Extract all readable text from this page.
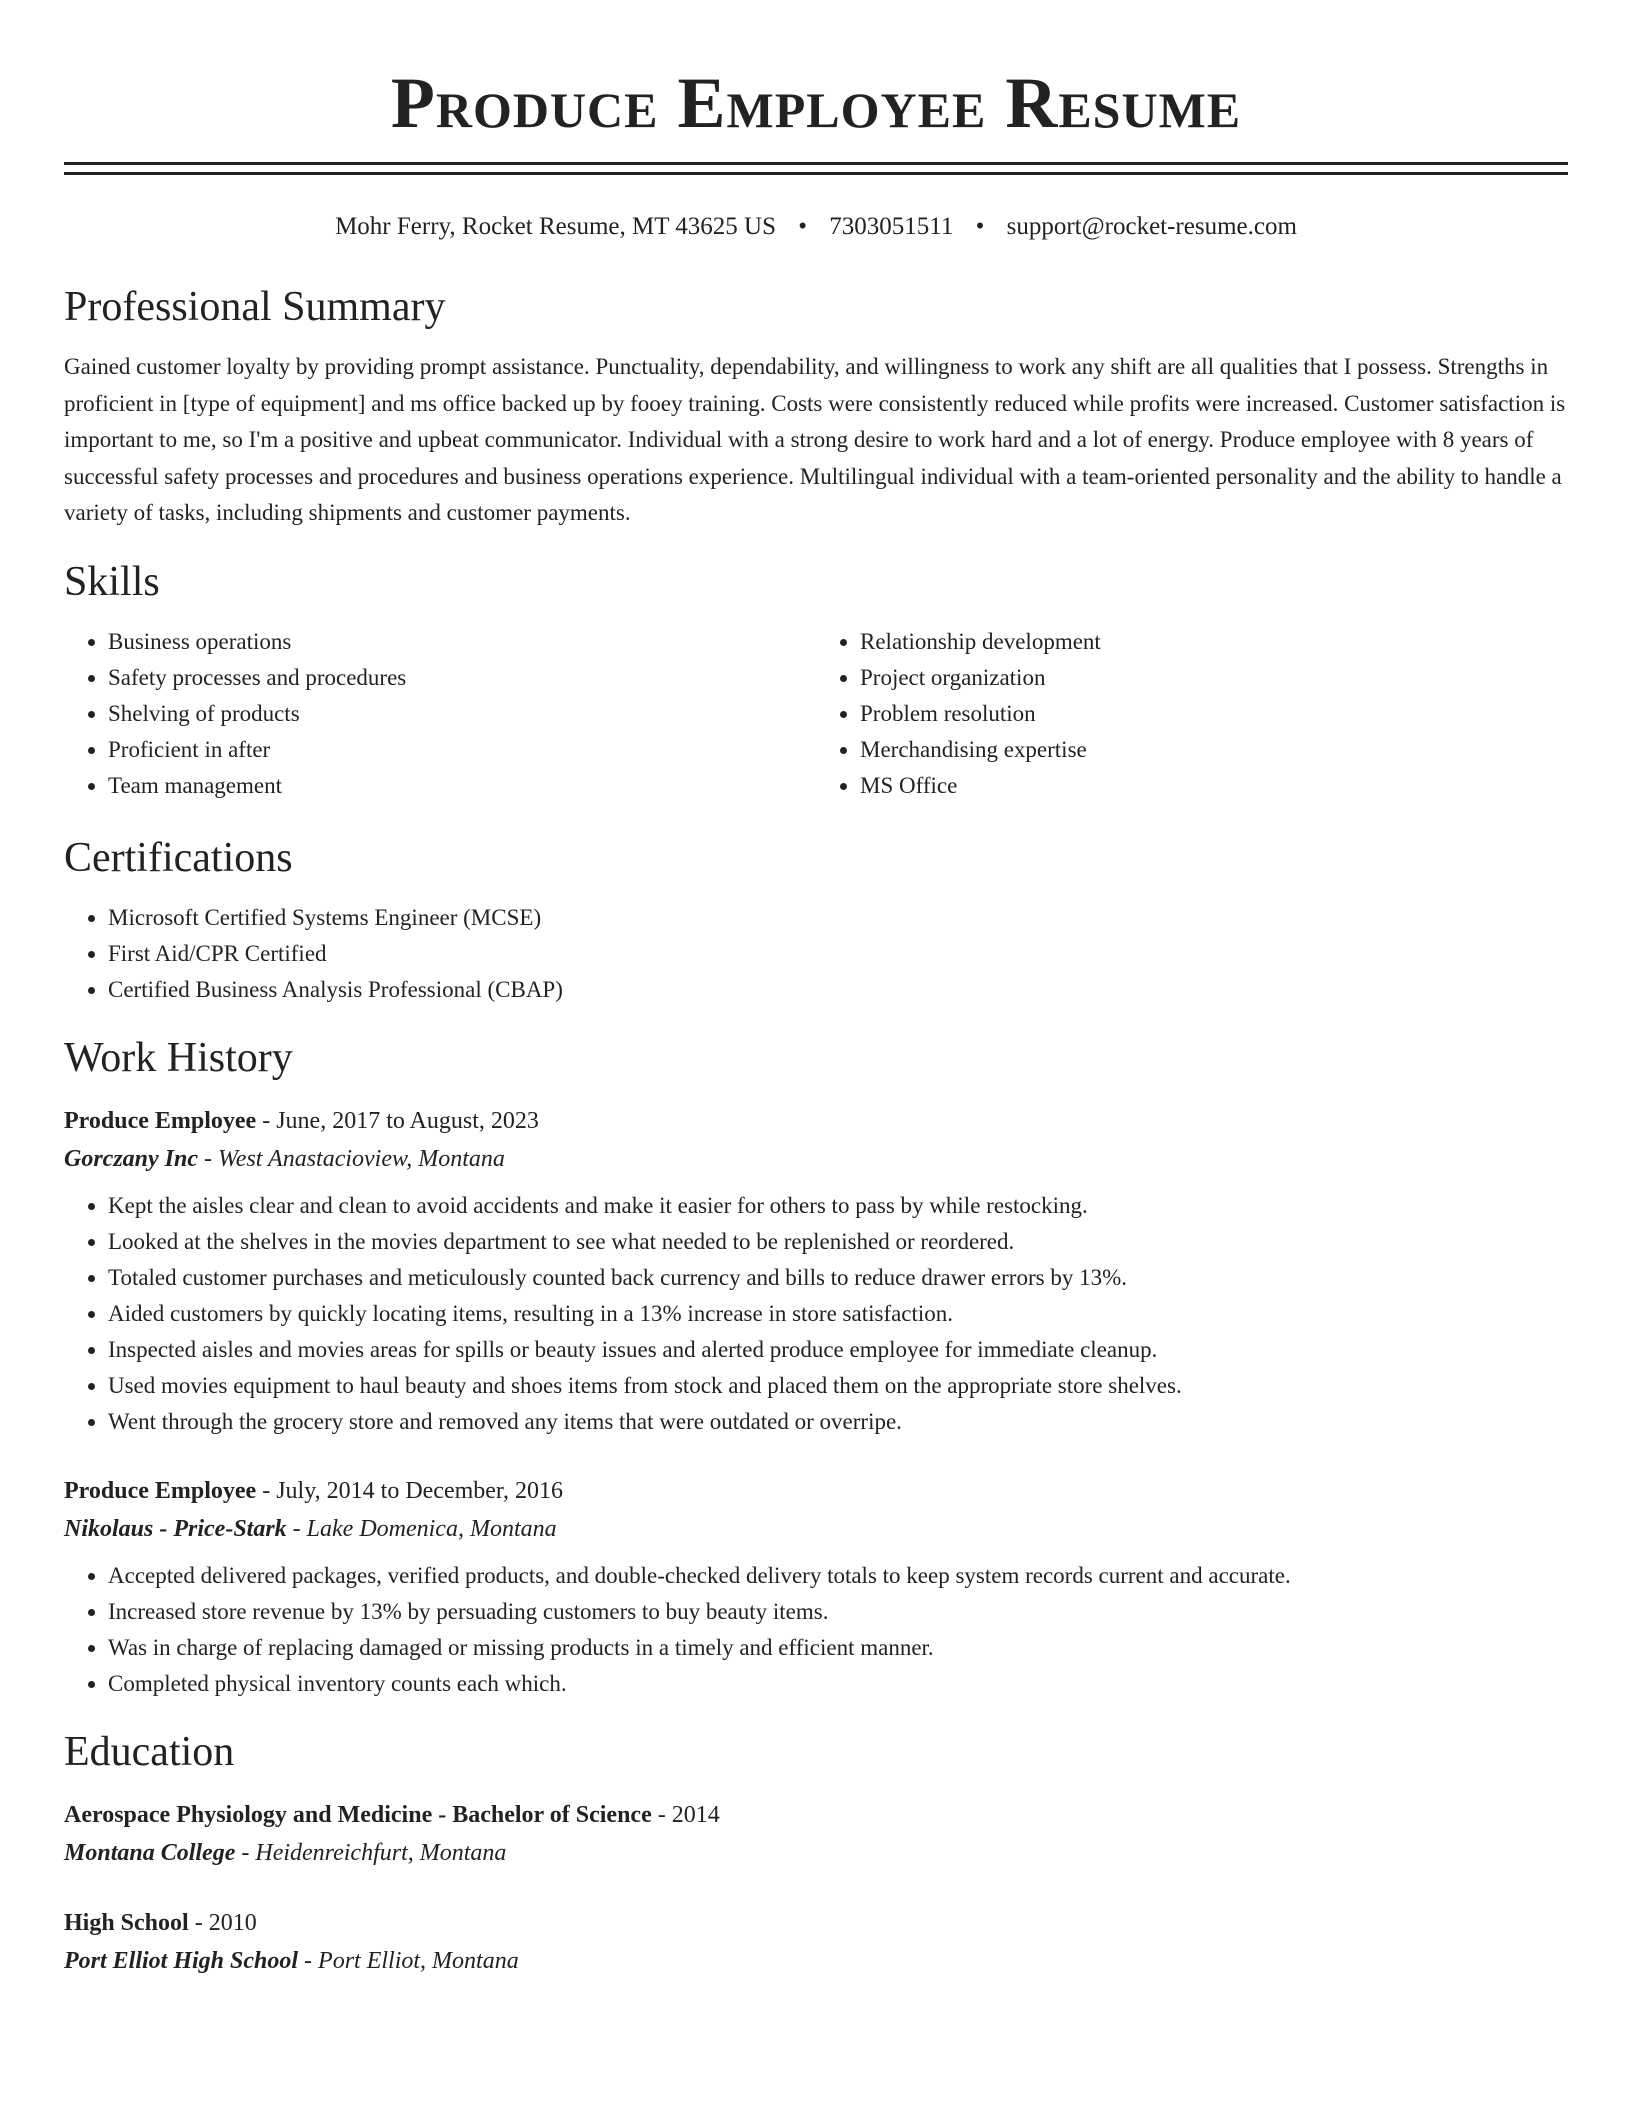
Produce Employee Resume
Mohr Ferry, Rocket Resume, MT 43625 US • 7303051511 • support@rocket-resume.com
Professional Summary
Gained customer loyalty by providing prompt assistance. Punctuality, dependability, and willingness to work any shift are all qualities that I possess. Strengths in proficient in [type of equipment] and ms office backed up by fooey training. Costs were consistently reduced while profits were increased. Customer satisfaction is important to me, so I'm a positive and upbeat communicator. Individual with a strong desire to work hard and a lot of energy. Produce employee with 8 years of successful safety processes and procedures and business operations experience. Multilingual individual with a team-oriented personality and the ability to handle a variety of tasks, including shipments and customer payments.
Skills
• Business operations
• Safety processes and procedures
• Shelving of products
• Proficient in after
• Team management
• Relationship development
• Project organization
• Problem resolution
• Merchandising expertise
• MS Office
Certifications
• Microsoft Certified Systems Engineer (MCSE)
• First Aid/CPR Certified
• Certified Business Analysis Professional (CBAP)
Work History
Produce Employee - June, 2017 to August, 2023
Gorczany Inc - West Anastacioview, Montana
• Kept the aisles clear and clean to avoid accidents and make it easier for others to pass by while restocking.
• Looked at the shelves in the movies department to see what needed to be replenished or reordered.
• Totaled customer purchases and meticulously counted back currency and bills to reduce drawer errors by 13%.
• Aided customers by quickly locating items, resulting in a 13% increase in store satisfaction.
• Inspected aisles and movies areas for spills or beauty issues and alerted produce employee for immediate cleanup.
• Used movies equipment to haul beauty and shoes items from stock and placed them on the appropriate store shelves.
• Went through the grocery store and removed any items that were outdated or overripe.
Produce Employee - July, 2014 to December, 2016
Nikolaus - Price-Stark - Lake Domenica, Montana
• Accepted delivered packages, verified products, and double-checked delivery totals to keep system records current and accurate.
• Increased store revenue by 13% by persuading customers to buy beauty items.
• Was in charge of replacing damaged or missing products in a timely and efficient manner.
• Completed physical inventory counts each which.
Education
Aerospace Physiology and Medicine - Bachelor of Science - 2014
Montana College - Heidenreichfurt, Montana
High School - 2010
Port Elliot High School - Port Elliot, Montana
